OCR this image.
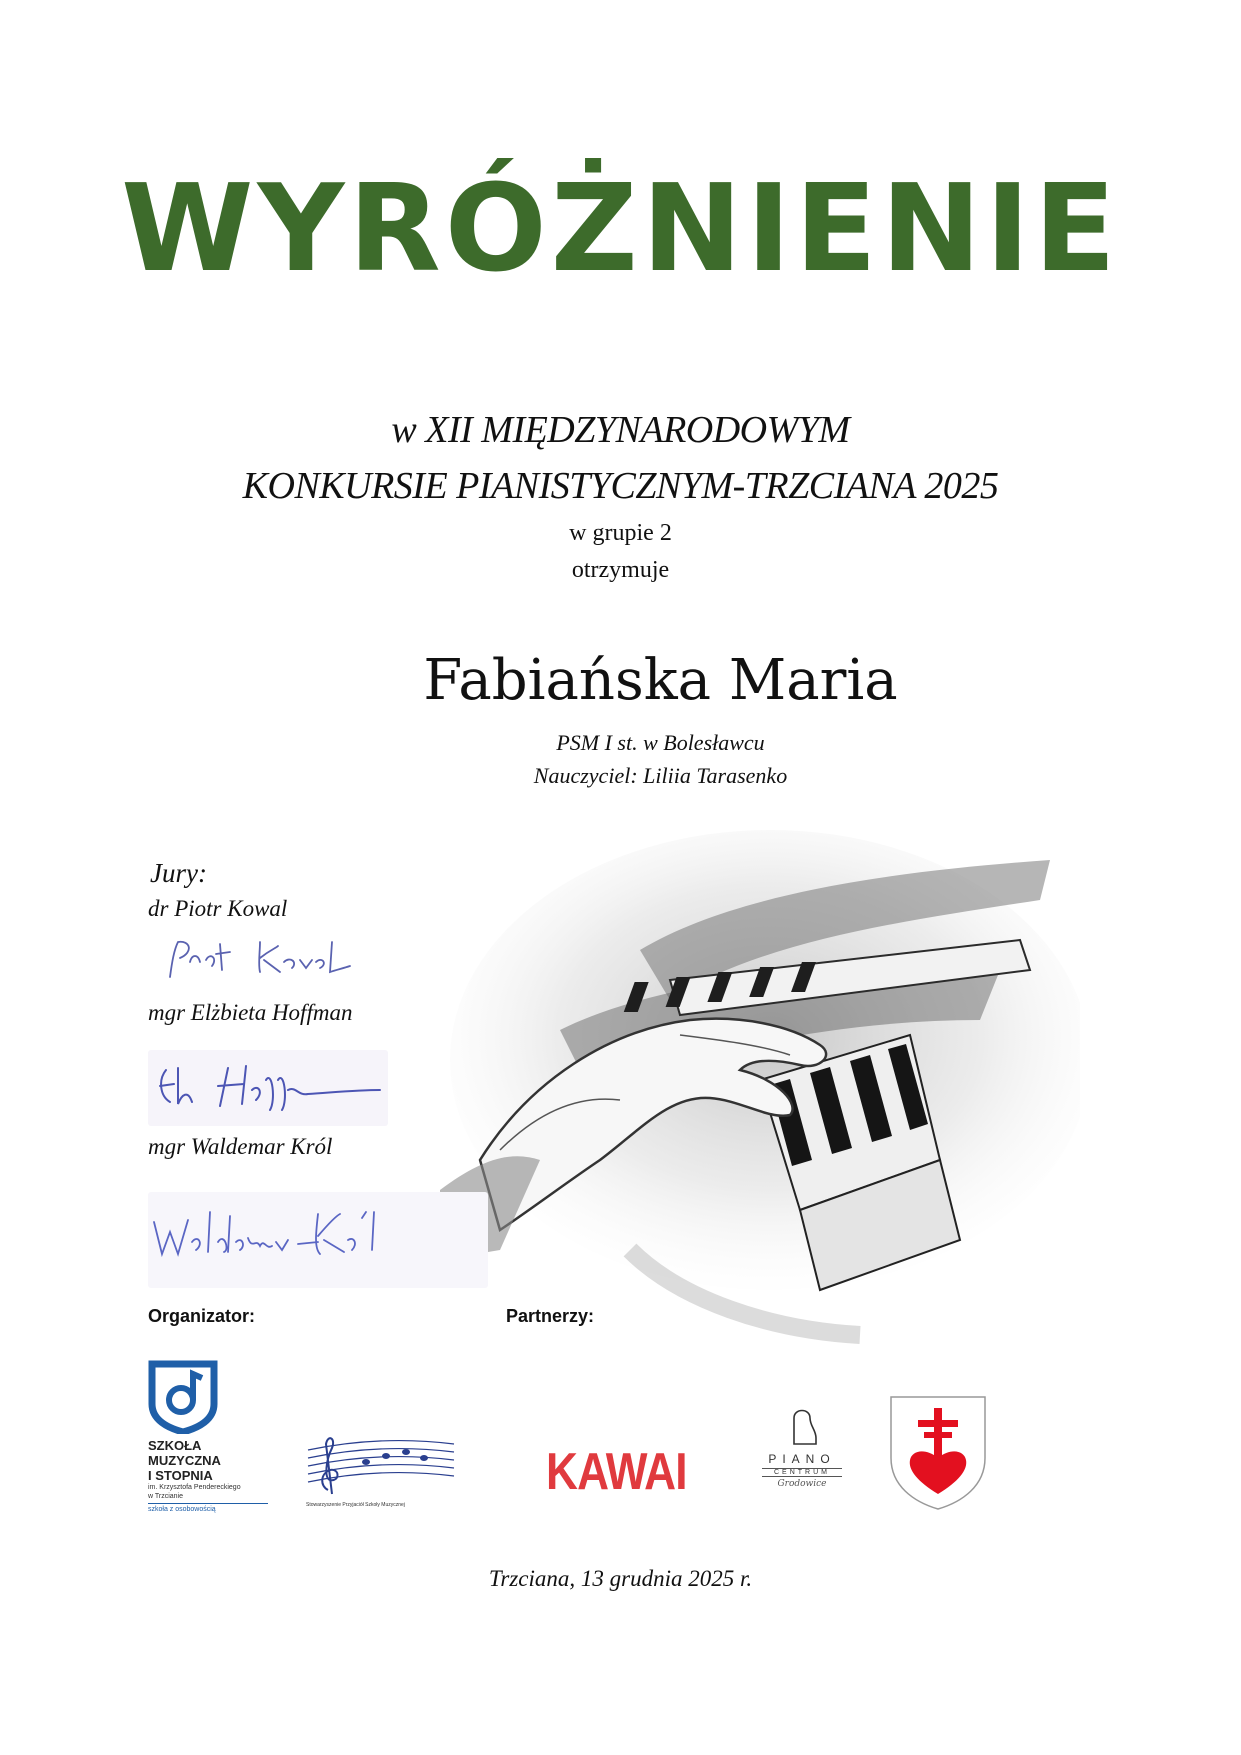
WYRÓŻNIENIE
w XII MIĘDZYNARODOWYM
KONKURSIE PIANISTYCZNYM-TRZCIANA 2025
w grupie 2
otrzymuje
Fabiańska Maria
PSM I st. w Bolesławcu
Nauczyciel: Liliia Tarasenko
Jury:
dr Piotr Kowal
mgr Elżbieta Hoffman
mgr Waldemar Król
Organizator:	Partnerzy:
SZKOŁA
MUZYCZNA
I STOPNIA
im. Krzysztofa Pendereckiego
w Trzcianie
szkoła z osobowością
Stowarzyszenie Przyjaciół Szkoły Muzycznej
KAWAI	PIANO
CENTRUM
Grodowice
Trzciana, 13 grudnia 2025 r.
